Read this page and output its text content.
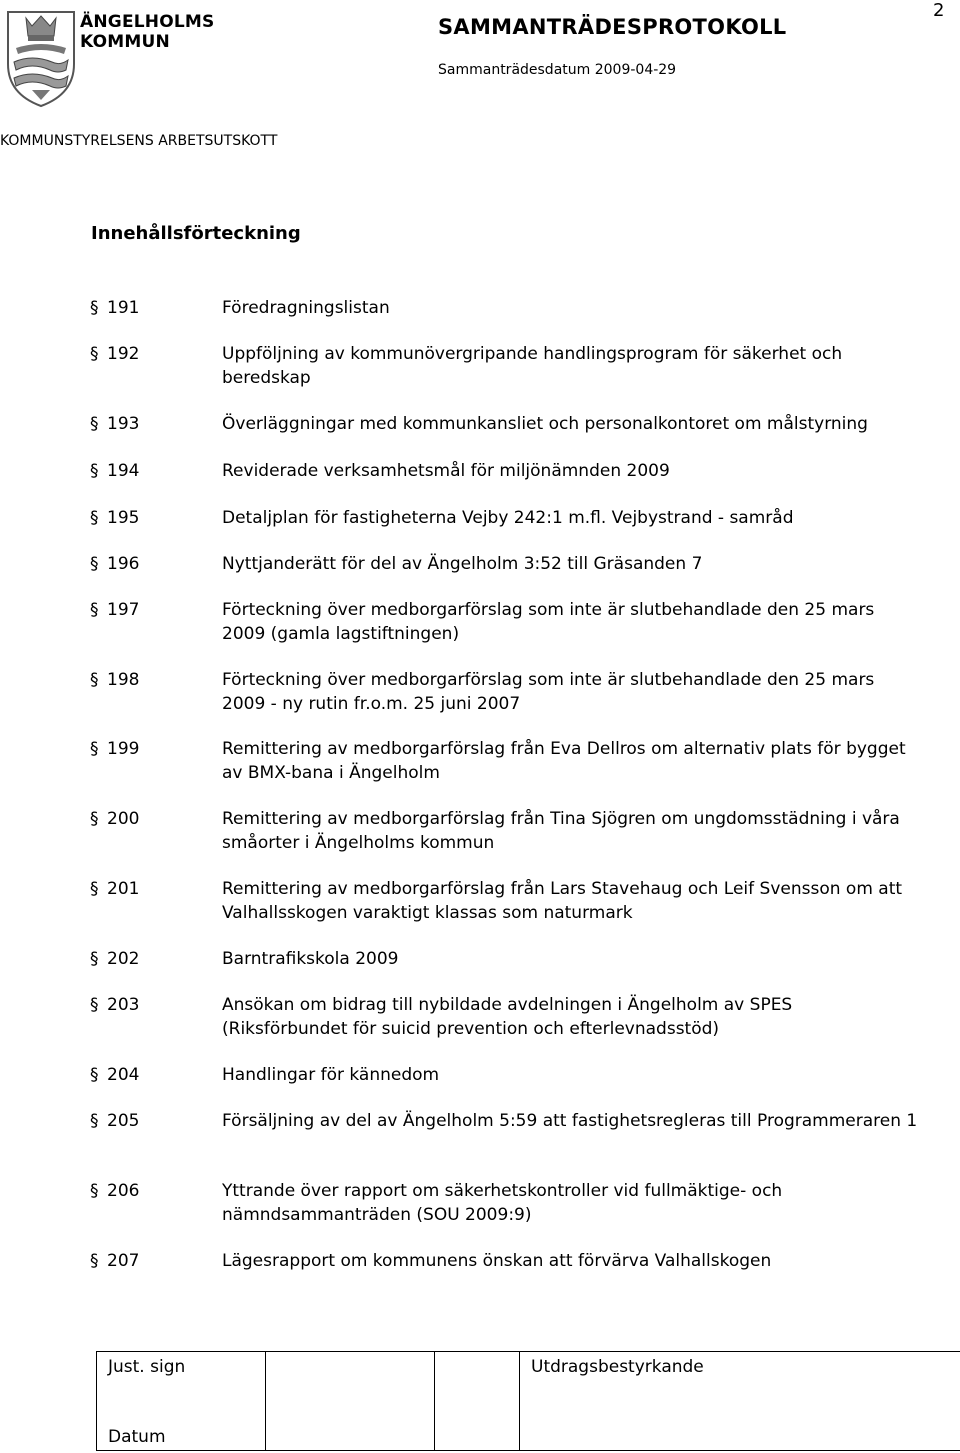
ÄNGELHOLMS
KOMMUN
2
SAMMANTRÄDESPROTOKOLL
Sammanträdesdatum 2009-04-29
KOMMUNSTYRELSENS ARBETSUTSKOTT
Innehållsförteckning
§ 191	Föredragningslistan
§ 192	Uppföljning av kommunövergripande handlingsprogram för säkerhet och beredskap
§ 193	Överläggningar med kommunkansliet och personalkontoret om målstyrning
§ 194	Reviderade verksamhetsmål för miljönämnden 2009
§ 195	Detaljplan för fastigheterna Vejby 242:1 m.fl. Vejbystrand - samråd
§ 196	Nyttjanderätt för del av Ängelholm 3:52 till Gräsanden 7
§ 197	Förteckning över medborgarförslag som inte är slutbehandlade den 25 mars 2009 (gamla lagstiftningen)
§ 198	Förteckning över medborgarförslag som inte är slutbehandlade den 25 mars 2009 - ny rutin fr.o.m. 25 juni 2007
§ 199	Remittering av medborgarförslag från Eva Dellros om alternativ plats för bygget av BMX-bana i Ängelholm
§ 200	Remittering av medborgarförslag från Tina Sjögren om ungdomsstädning i våra småorter i Ängelholms kommun
§ 201	Remittering av medborgarförslag från Lars Stavehaug och Leif Svensson om att Valhallsskogen varaktigt klassas som naturmark
§ 202	Barntrafikskola 2009
§ 203	Ansökan om bidrag till nybildade avdelningen i Ängelholm av SPES (Riksförbundet för suicid prevention och efterlevnadsstöd)
§ 204	Handlingar för kännedom
§ 205	Försäljning av del av Ängelholm 5:59 att fastighetsregleras till Programmeraren 1
§ 206	Yttrande över rapport om säkerhetskontroller vid fullmäktige- och nämndsammanträden (SOU 2009:9)
§ 207	Lägesrapport om kommunens önskan att förvärva Valhallskogen
Just. sign
Datum
Utdragsbestyrkande
